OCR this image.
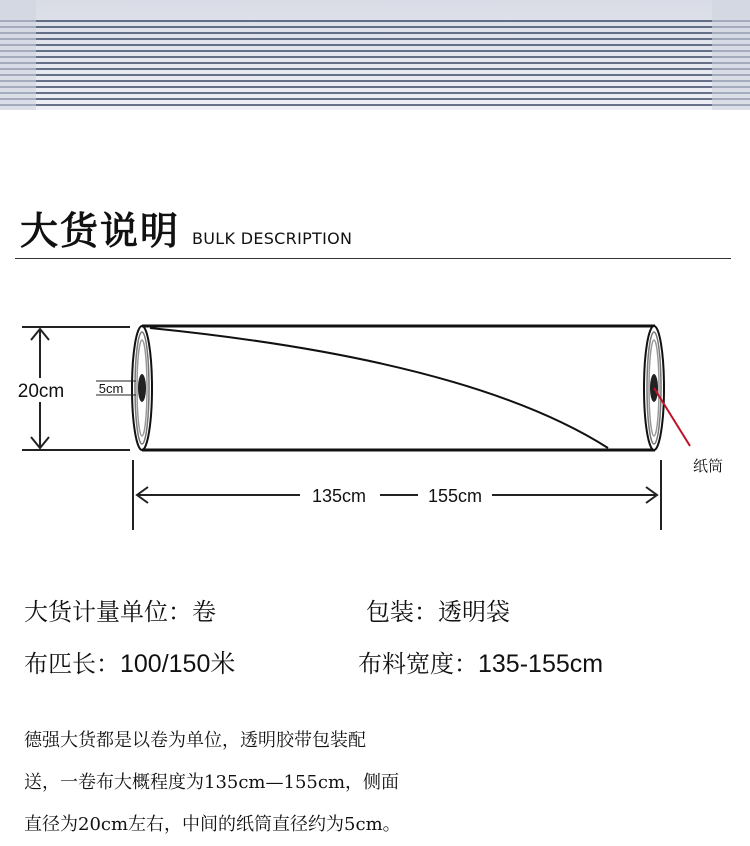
大货说明 BULK DESCRIPTION
20cm	5cm
纸筒
135cm	155cm
大货计量单位：卷	包装：透明袋
布匹长：100/150米	布料宽度：135-155cm
德强大货都是以卷为单位，透明胶带包装配
送，一卷布大概程度为135cm—155cm，侧面
直径为20cm左右，中间的纸筒直径约为5cm。
